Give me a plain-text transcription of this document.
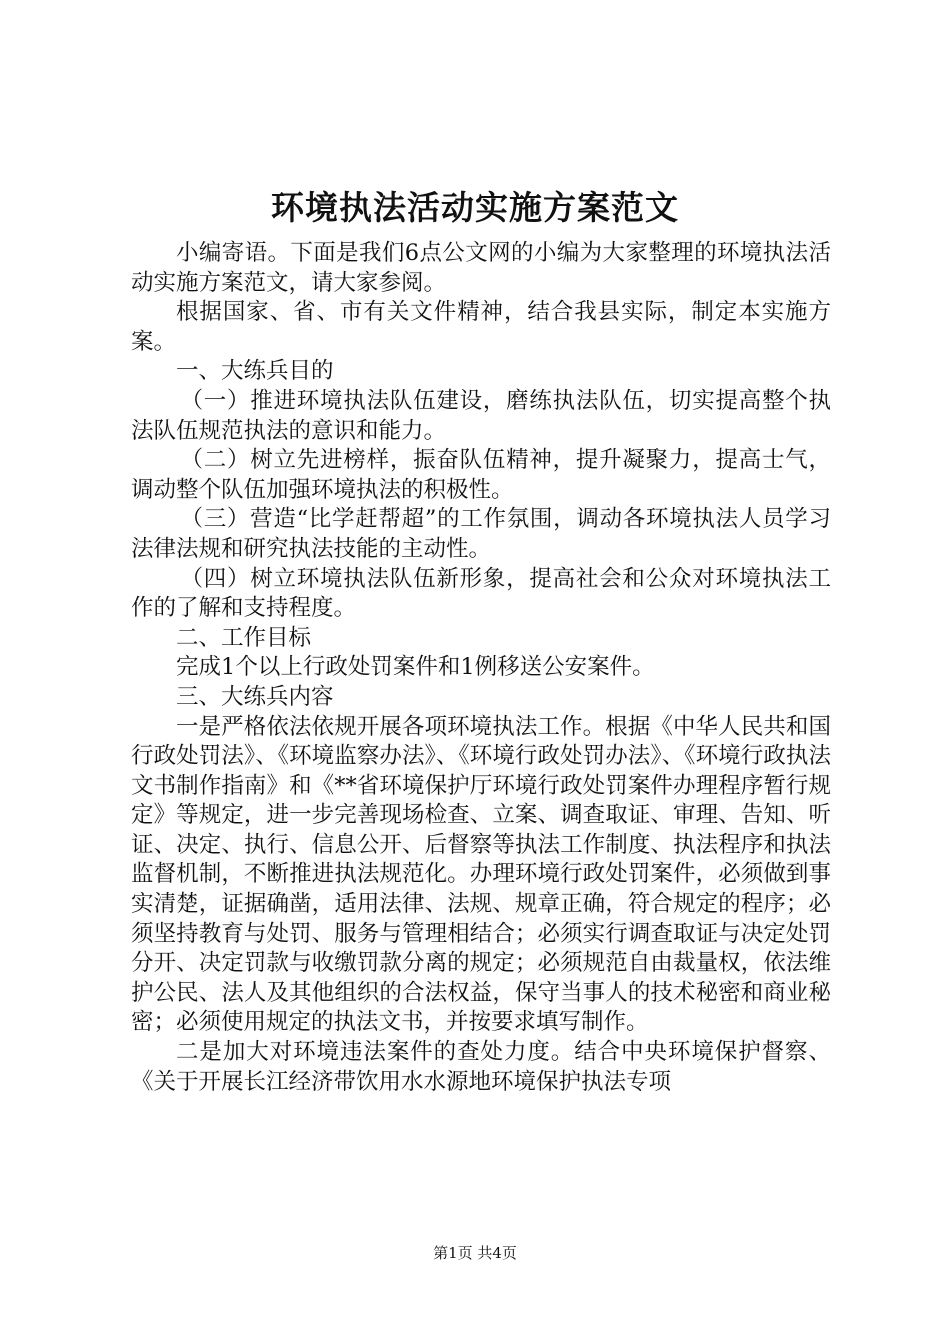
环境执法活动实施方案范文

小编寄语。下面是我们6点公文网的小编为大家整理的环境执法活动实施方案范文，请大家参阅。

根据国家、省、市有关文件精神，结合我县实际，制定本实施方案。

一、大练兵目的

（一）推进环境执法队伍建设，磨练执法队伍，切实提高整个执法队伍规范执法的意识和能力。

（二）树立先进榜样，振奋队伍精神，提升凝聚力，提高士气，调动整个队伍加强环境执法的积极性。

（三）营造“比学赶帮超”的工作氛围，调动各环境执法人员学习法律法规和研究执法技能的主动性。

（四）树立环境执法队伍新形象，提高社会和公众对环境执法工作的了解和支持程度。

二、工作目标

完成1个以上行政处罚案件和1例移送公安案件。

三、大练兵内容

一是严格依法依规开展各项环境执法工作。根据《中华人民共和国行政处罚法》、《环境监察办法》、《环境行政处罚办法》、《环境行政执法文书制作指南》和《**省环境保护厅环境行政处罚案件办理程序暂行规定》等规定，进一步完善现场检查、立案、调查取证、审理、告知、听证、决定、执行、信息公开、后督察等执法工作制度、执法程序和执法监督机制，不断推进执法规范化。办理环境行政处罚案件，必须做到事实清楚，证据确凿，适用法律、法规、规章正确，符合规定的程序；必须坚持教育与处罚、服务与管理相结合；必须实行调查取证与决定处罚分开、决定罚款与收缴罚款分离的规定；必须规范自由裁量权，依法维护公民、法人及其他组织的合法权益，保守当事人的技术秘密和商业秘密；必须使用规定的执法文书，并按要求填写制作。

二是加大对环境违法案件的查处力度。结合中央环境保护督察、《关于开展长江经济带饮用水水源地环境保护执法专项

第1页 共4页
